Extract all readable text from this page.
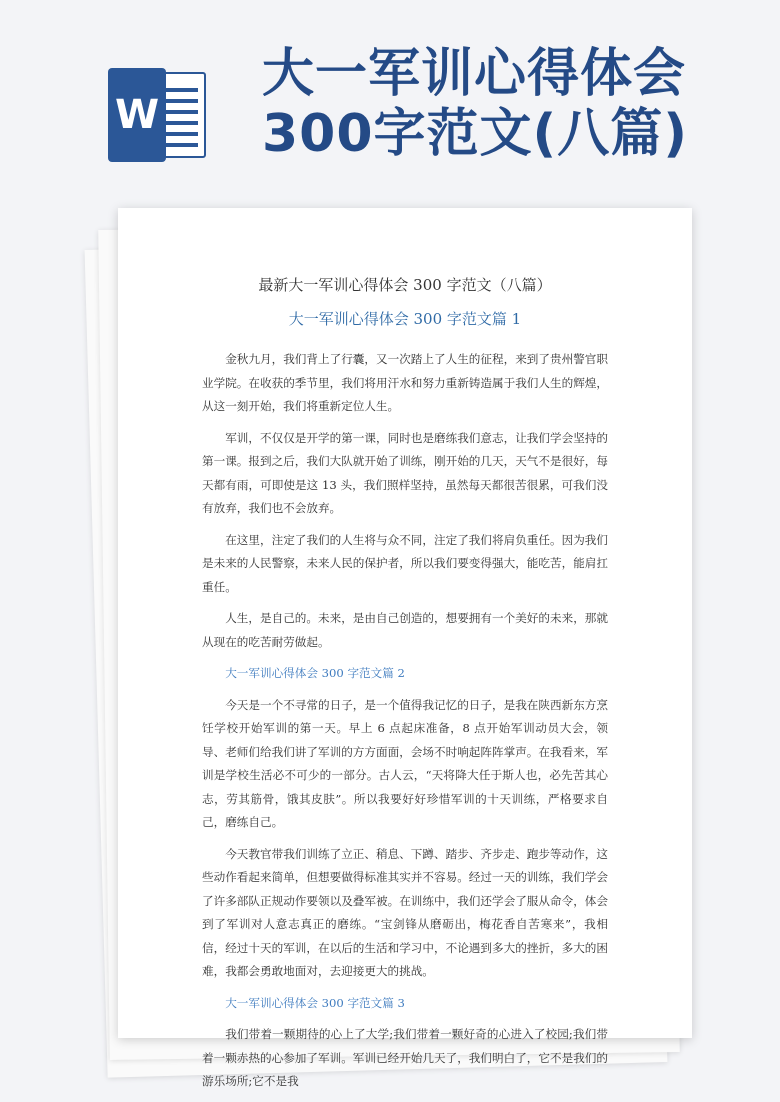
W
大一军训心得体会
300字范文(八篇)
最新大一军训心得体会 300 字范文（八篇）
大一军训心得体会 300 字范文篇 1

金秋九月，我们背上了行囊，又一次踏上了人生的征程，来到了贵州警官职业学院。在收获的季节里，我们将用汗水和努力重新铸造属于我们人生的辉煌，从这一刻开始，我们将重新定位人生。

军训，不仅仅是开学的第一课，同时也是磨练我们意志，让我们学会坚持的第一课。报到之后，我们大队就开始了训练，刚开始的几天，天气不是很好，每天都有雨，可即使是这 13 头，我们照样坚持，虽然每天都很苦很累，可我们没有放弃，我们也不会放弃。

在这里，注定了我们的人生将与众不同，注定了我们将肩负重任。因为我们是未来的人民警察，未来人民的保护者，所以我们要变得强大，能吃苦，能肩扛重任。

人生，是自己的。未来，是由自己创造的，想要拥有一个美好的未来，那就从现在的吃苦耐劳做起。

大一军训心得体会 300 字范文篇 2

今天是一个不寻常的日子，是一个值得我记忆的日子，是我在陕西新东方烹饪学校开始军训的第一天。早上 6 点起床准备，8 点开始军训动员大会，领导、老师们给我们讲了军训的方方面面，会场不时响起阵阵掌声。在我看来，军训是学校生活必不可少的一部分。古人云，“天将降大任于斯人也，必先苦其心志，劳其筋骨，饿其皮肤”。所以我要好好珍惜军训的十天训练，严格要求自己，磨练自己。

今天教官带我们训练了立正、稍息、下蹲、踏步、齐步走、跑步等动作，这些动作看起来简单，但想要做得标准其实并不容易。经过一天的训练，我们学会了许多部队正规动作要领以及叠军被。在训练中，我们还学会了服从命令，体会到了军训对人意志真正的磨练。“宝剑锋从磨砺出，梅花香自苦寒来”，我相信，经过十天的军训，在以后的生活和学习中，不论遇到多大的挫折，多大的困难，我都会勇敢地面对，去迎接更大的挑战。

大一军训心得体会 300 字范文篇 3

我们带着一颗期待的心上了大学;我们带着一颗好奇的心进入了校园;我们带着一颗赤热的心参加了军训。军训已经开始几天了，我们明白了，它不是我们的游乐场所;它不是我
